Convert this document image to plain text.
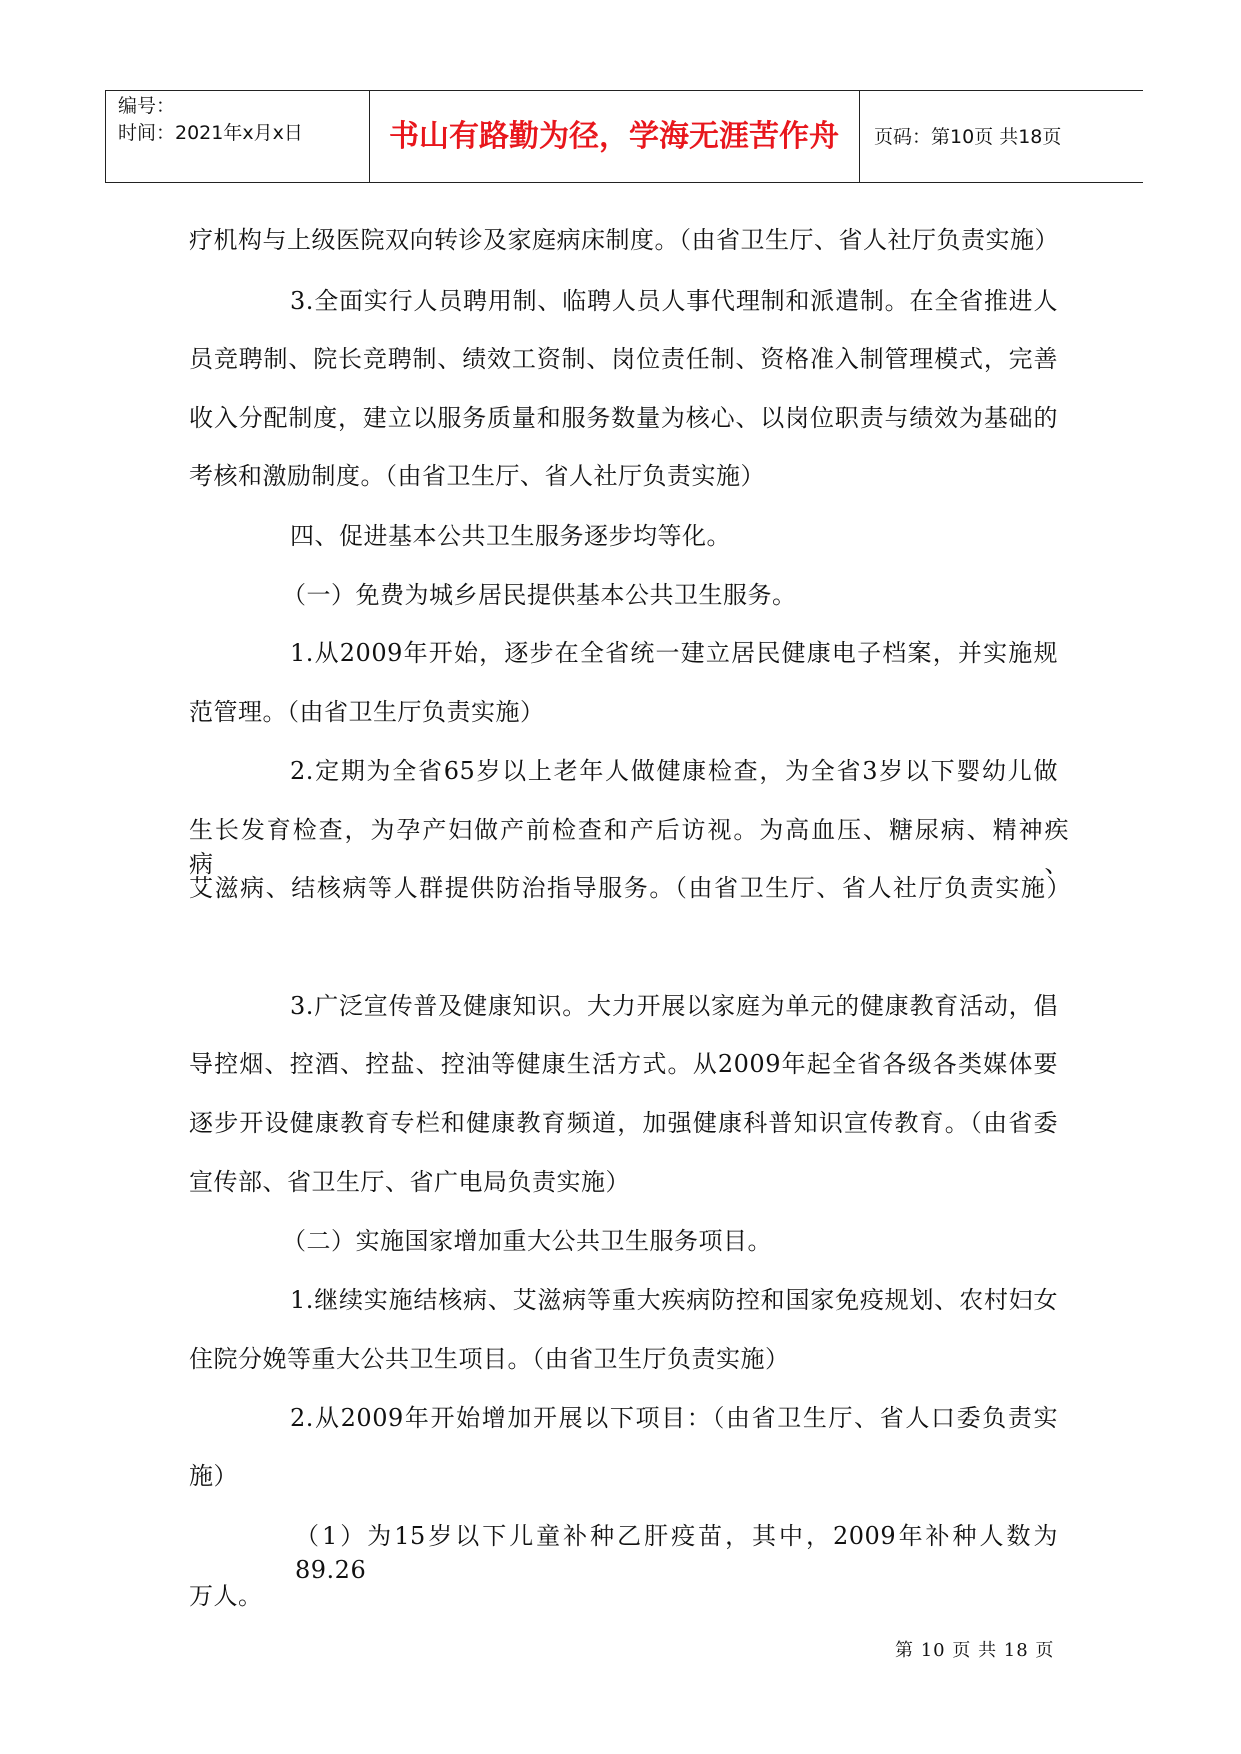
编号：
时间：2021年x月x日	书山有路勤为径，学海无涯苦作舟	页码：第10页 共18页
疗机构与上级医院双向转诊及家庭病床制度。（由省卫生厅、省人社厅负责实施）
3.全面实行人员聘用制、临聘人员人事代理制和派遣制。在全省推进人
员竞聘制、院长竞聘制、绩效工资制、岗位责任制、资格准入制管理模式，完善
收入分配制度，建立以服务质量和服务数量为核心、以岗位职责与绩效为基础的
考核和激励制度。（由省卫生厅、省人社厅负责实施）
四、促进基本公共卫生服务逐步均等化。
（一）免费为城乡居民提供基本公共卫生服务。
1.从2009年开始，逐步在全省统一建立居民健康电子档案，并实施规
范管理。（由省卫生厅负责实施）
2.定期为全省65岁以上老年人做健康检查，为全省3岁以下婴幼儿做
生长发育检查，为孕产妇做产前检查和产后访视。为高血压、糖尿病、精神疾病、
艾滋病、结核病等人群提供防治指导服务。（由省卫生厅、省人社厅负责实施）
3.广泛宣传普及健康知识。大力开展以家庭为单元的健康教育活动，倡
导控烟、控酒、控盐、控油等健康生活方式。从2009年起全省各级各类媒体要
逐步开设健康教育专栏和健康教育频道，加强健康科普知识宣传教育。（由省委
宣传部、省卫生厅、省广电局负责实施）
（二）实施国家增加重大公共卫生服务项目。
1.继续实施结核病、艾滋病等重大疾病防控和国家免疫规划、农村妇女
住院分娩等重大公共卫生项目。（由省卫生厅负责实施）
2.从2009年开始增加开展以下项目：（由省卫生厅、省人口委负责实
施）
（1）为15岁以下儿童补种乙肝疫苗，其中，2009年补种人数为89.26
万人。
第 10 页 共 18 页
